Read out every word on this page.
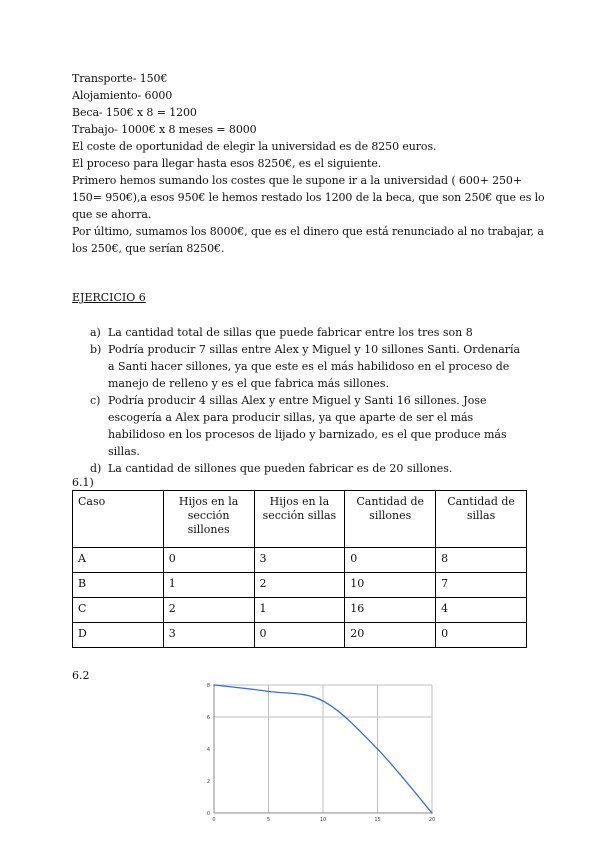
Transporte- 150€
Alojamiento- 6000
Beca- 150€ x 8 = 1200
Trabajo- 1000€ x 8 meses = 8000
El coste de oportunidad de elegir la universidad es de 8250 euros.
El proceso para llegar hasta esos 8250€, es el siguiente.
Primero hemos sumando los costes que le supone ir a la universidad ( 600+ 250+
150= 950€),a esos 950€ le hemos restado los 1200 de la beca, que son 250€ que es lo
que se ahorra.
Por último, sumamos los 8000€, que es el dinero que está renunciado al no trabajar, a
los 250€, que serían 8250€.
EJERCICIO 6
a) La cantidad total de sillas que puede fabricar entre los tres son 8
b) Podría producir 7 sillas entre Alex y Miguel y 10 sillones Santi. Ordenaría a Santi hacer sillones, ya que este es el más habilidoso en el proceso de manejo de relleno y es el que fabrica más sillones.
c) Podría producir 4 sillas Alex y entre Miguel y Santi 16 sillones. Jose escogería a Alex para producir sillas, ya que aparte de ser el más habilidoso en los procesos de lijado y barnizado, es el que produce más sillas.
d) La cantidad de sillones que pueden fabricar es de 20 sillones.
6.1)
Caso	Hijos en la sección sillones	Hijos en la sección sillas	Cantidad de sillones	Cantidad de sillas
A	0	3	0	8
B	1	2	10	7
C	2	1	16	4
D	3	0	20	0
6.2
0
2
4
6
8
0	5	10	15	20
